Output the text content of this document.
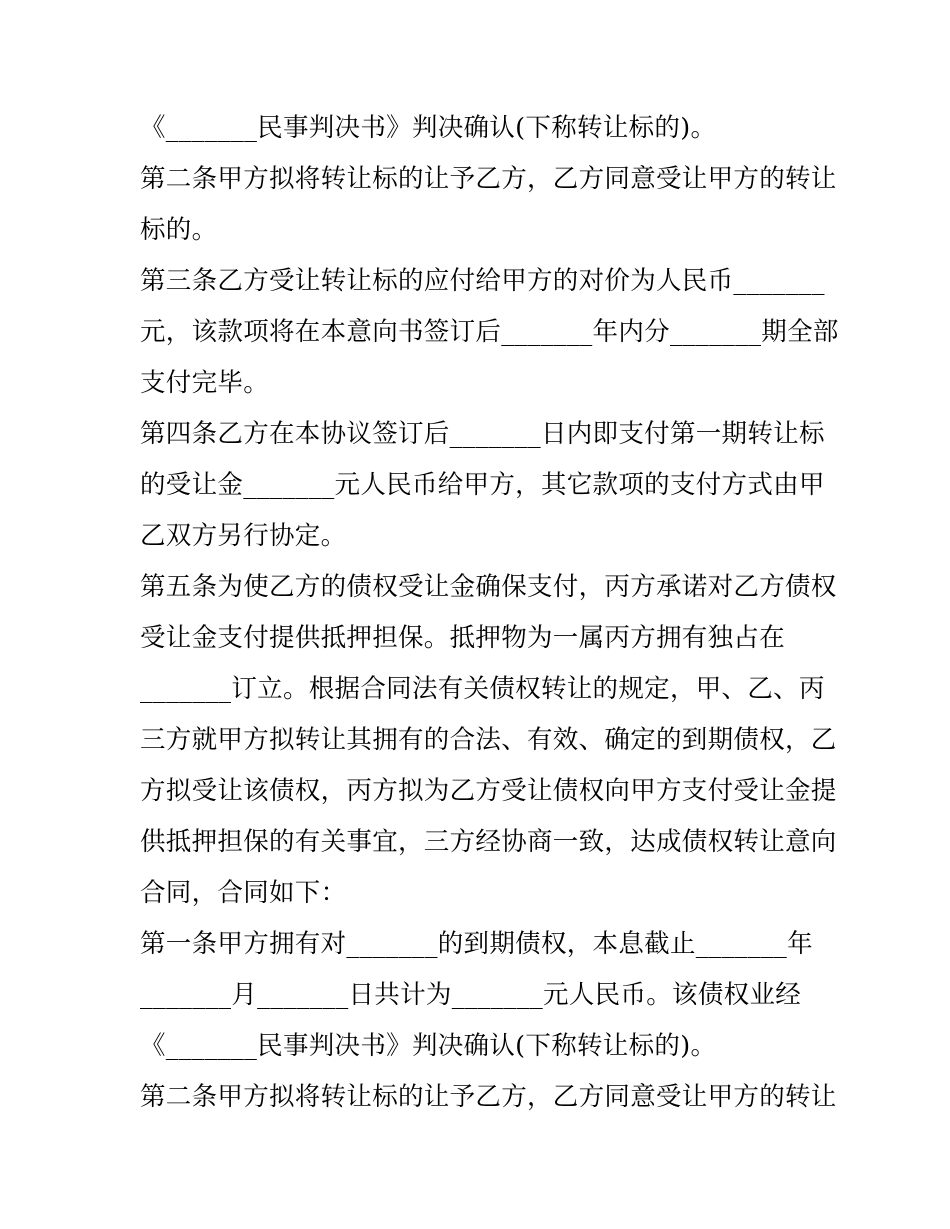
《_______民事判决书》判决确认(下称转让标的)。
第二条甲方拟将转让标的让予乙方，乙方同意受让甲方的转让
标的。
第三条乙方受让转让标的应付给甲方的对价为人民币_______
元，该款项将在本意向书签订后_______年内分_______期全部
支付完毕。
第四条乙方在本协议签订后_______日内即支付第一期转让标
的受让金_______元人民币给甲方，其它款项的支付方式由甲
乙双方另行协定。
第五条为使乙方的债权受让金确保支付，丙方承诺对乙方债权
受让金支付提供抵押担保。抵押物为一属丙方拥有独占在
_______订立。根据合同法有关债权转让的规定，甲、乙、丙
三方就甲方拟转让其拥有的合法、有效、确定的到期债权，乙
方拟受让该债权，丙方拟为乙方受让债权向甲方支付受让金提
供抵押担保的有关事宜，三方经协商一致，达成债权转让意向
合同，合同如下：
第一条甲方拥有对_______的到期债权，本息截止_______年
_______月_______日共计为_______元人民币。该债权业经
《_______民事判决书》判决确认(下称转让标的)。
第二条甲方拟将转让标的让予乙方，乙方同意受让甲方的转让
